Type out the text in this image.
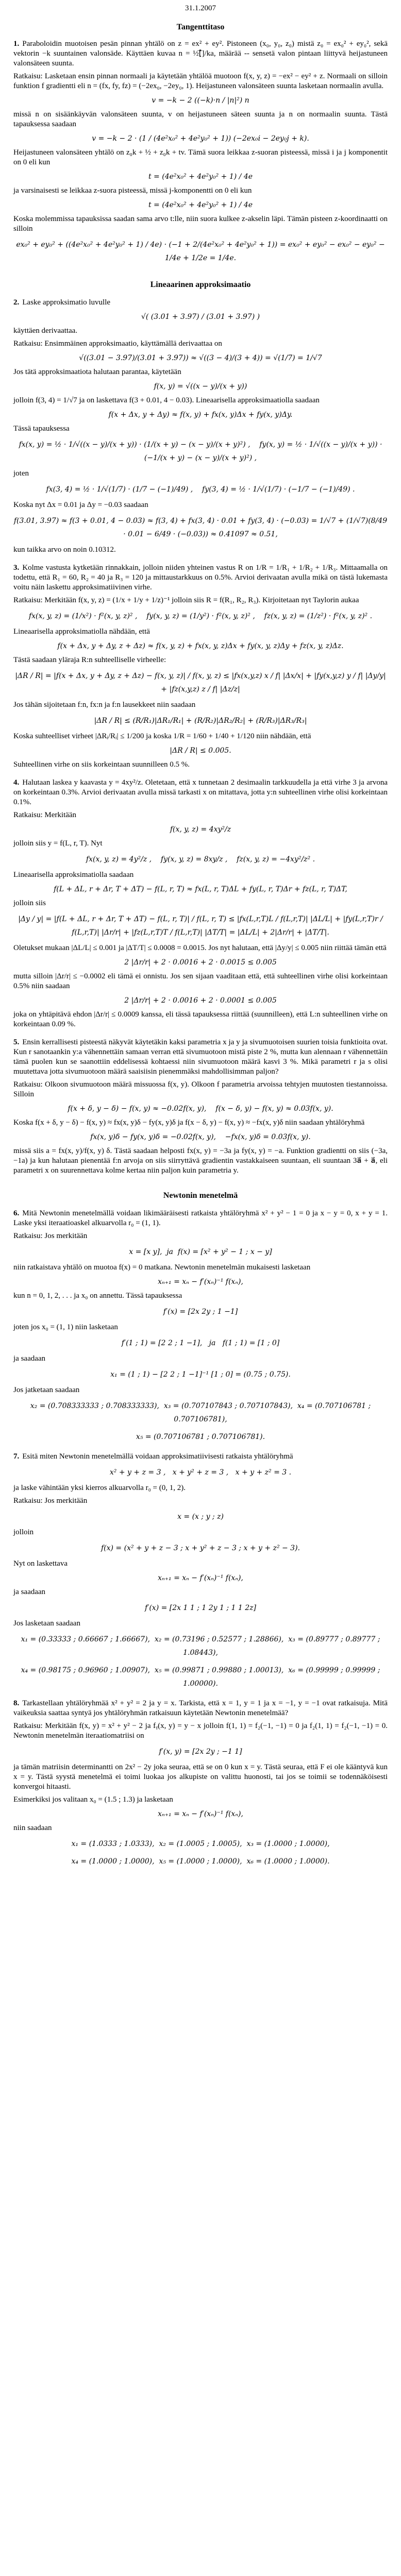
31.1.2007
Tangenttitaso

1. Paraboloidin muotoisen pesän pinnan yhtälö on z = ex² + ey². Pistoneen (x₀, y₀, z₀) mistä z₀ = ex₀² + ey₀², sekä vektorin −k suuntainen valonsäde. Käyttäen kuvaa n = ½[⃗]/ka, määrää ‑‑ sensetä valon pintaan liittyvä heijastuneen valonsäteen suunta.

Ratkaisu: Lasketaan ensin pinnan normaali ja käytetään yhtälöä muotoon f(x, y, z) = −ex² − ey² + z. Normaali on silloin funktion f gradientti eli n = (fx, fy, fz) = (−2ex₀, −2ey₀, 1). Heijastuneen valonsäteen suunta lasketaan normaalin avulla.

v = −k − 2 ((−k)·n / |n|²) n

missä n on sisäänkäyvän valonsäteen suunta, v on heijastuneen säteen suunta ja n on normaalin suunta. Tästä tapauksessa saadaan

v = −k − 2 · (1 / (4e²x₀² + 4e²y₀² + 1)) (−2ex₀i − 2ey₀j + k).

Heijastuneen valonsäteen yhtälö on z₀k + ½ + z₀k + tv. Tämä suora leikkaa z-suoran pisteessä, missä i ja j komponentit on 0 eli kun

t = (4e²x₀² + 4e²y₀² + 1) / 4e

ja varsinaisesti se leikkaa z-suora pisteessä, missä j-komponentti on 0 eli kun

t = (4e²x₀² + 4e²y₀² + 1) / 4e

Koska molemmissa tapauksissa saadan sama arvo t:lle, niin suora kulkee z-akselin läpi. Tämän pisteen z-koordinaatti on silloin

ex₀² + ey₀² + ((4e²x₀² + 4e²y₀² + 1) / 4e) · (−1 + 2/(4e²x₀² + 4e²y₀² + 1)) = ex₀² + ey₀² − ex₀² − ey₀² − 1/4e + 1/2e = 1/4e.
Lineaarinen approksimaatio

2. Laske approksimatio luvulle

√( (3.01 + 3.97) / (3.01 + 3.97) )

käyttäen derivaattaa.

Ratkaisu: Ensimmäinen approksimaatio, käyttämällä derivaattaa on

√((3.01 − 3.97)/(3.01 + 3.97)) ≈ √((3 − 4)/(3 + 4)) = √(1/7) = 1/√7

Jos tätä approksimaatiota halutaan parantaa, käytetään

f(x, y) = √((x − y)/(x + y))

jolloin f(3, 4) = 1/√7 ja on laskettava f(3 + 0.01, 4 − 0.03). Lineaarisella approksimaatiolla saadaan

f(x + Δx, y + Δy) ≈ f(x, y) + fx(x, y)Δx + fy(x, y)Δy.

Tässä tapauksessa

fx(x, y) = ½ · 1/√((x − y)/(x + y)) · (1/(x + y) − (x − y)/(x + y)²) ,    fy(x, y) = ½ · 1/√((x − y)/(x + y)) · (−1/(x + y) − (x − y)/(x + y)²) ,

joten

fx(3, 4) = ½ · 1/√(1/7) · (1/7 − (−1)/49) ,    fy(3, 4) = ½ · 1/√(1/7) · (−1/7 − (−1)/49) .

Koska nyt Δx = 0.01 ja Δy = −0.03 saadaan

f(3.01, 3.97) ≈ f(3 + 0.01, 4 − 0.03) ≈ f(3, 4) + fx(3, 4) · 0.01 + fy(3, 4) · (−0.03) = 1/√7 + (1/√7)(8/49 · 0.01 − 6/49 · (−0.03)) ≈ 0.41097 ≈ 0.51,

kun taikka arvo on noin 0.10312.

3. Kolme vastusta kytketään rinnakkain, jolloin niiden yhteinen vastus R on 1/R = 1/R₁ + 1/R₂ + 1/R₃. Mittaamalla on todettu, että R₁ = 60, R₂ = 40 ja R₃ = 120 ja mittaustarkkuus on 0.5%. Arvioi derivaatan avulla mikä on tästä lukemasta voitu näin laskettu approksimatiivinen virhe.

Ratkaisu: Merkitään f(x, y, z) = (1/x + 1/y + 1/z)⁻¹ jolloin siis R = f(R₁, R₂, R₃). Kirjoitetaan nyt Taylorin aukaa

fx(x, y, z) = (1/x²) · f²(x, y, z)² ,    fy(x, y, z) = (1/y²) · f²(x, y, z)² ,    fz(x, y, z) = (1/z²) · f²(x, y, z)² .

Lineaarisella approksimatiolla nähdään, että

f(x + Δx, y + Δy, z + Δz) ≈ f(x, y, z) + fx(x, y, z)Δx + fy(x, y, z)Δy + fz(x, y, z)Δz.

Tästä saadaan yläraja R:n suhteelliselle virheelle:

|ΔR / R| = |f(x + Δx, y + Δy, z + Δz) − f(x, y, z)| / f(x, y, z) ≤ |fx(x,y,z) x / f| |Δx/x| + |fy(x,y,z) y / f| |Δy/y| + |fz(x,y,z) z / f| |Δz/z|

Jos tähän sijoitetaan f:n, fx:n ja f:n lausekkeet niin saadaan

|ΔR / R| ≤ (R/R₁)|ΔR₁/R₁| + (R/R₂)|ΔR₂/R₂| + (R/R₃)|ΔR₃/R₃|

Koska suhteelliset virheet |ΔRᵢ/Rᵢ| ≤ 1/200 ja koska 1/R = 1/60 + 1/40 + 1/120 niin nähdään, että

|ΔR / R| ≤ 0.005.

Suhteellinen virhe on siis korkeintaan suunnilleen 0.5 %.

4. Halutaan laskea y kaavasta y = 4xy²/z. Oletetaan, että x tunnetaan 2 desimaalin tarkkuudella ja että virhe 3 ja arvona on korkeintaan 0.3%. Arvioi derivaatan avulla missä tarkasti x on mitattava, jotta y:n suhteellinen virhe olisi korkeintaan 0.1%.

Ratkaisu: Merkitään

f(x, y, z) = 4xy²/z

jolloin siis y = f(L, r, T). Nyt

fx(x, y, z) = 4y²/z ,    fy(x, y, z) = 8xy/z ,    fz(x, y, z) = −4xy²/z² .

Lineaarisella approksimatiolla saadaan

f(L + ΔL, r + Δr, T + ΔT) − f(L, r, T) ≈ fx(L, r, T)ΔL + fy(L, r, T)Δr + fz(L, r, T)ΔT,

jolloin siis

|Δy / y| = |f(L + ΔL, r + Δr, T + ΔT) − f(L, r, T)| / f(L, r, T) ≤ |fx(L,r,T)L / f(L,r,T)| |ΔL/L| + |fy(L,r,T)r / f(L,r,T)| |Δr/r| + |fz(L,r,T)T / f(L,r,T)| |ΔT/T| = |ΔL/L| + 2|Δr/r| + |ΔT/T|.

Oletukset mukaan |ΔL/L| ≤ 0.001 ja |ΔT/T| ≤ 0.0008 = 0.0015. Jos nyt halutaan, että |Δy/y| ≤ 0.005 niin riittää tämän että

2 |Δr/r| + 2 · 0.0016 + 2 · 0.0015 ≤ 0.005

mutta silloin |Δr/r| ≤ −0.0002 eli tämä ei onnistu. Jos sen sijaan vaaditaan että, että suhteellinen virhe olisi korkeintaan 0.5% niin saadaan

2 |Δr/r| + 2 · 0.0016 + 2 · 0.0001 ≤ 0.005

joka on yhtäpitävä ehdon |Δr/r| ≤ 0.0009 kanssa, eli tässä tapauksessa riittää (suunnilleen), että L:n suhteellinen virhe on korkeintaan 0.09 %.

5. Ensin kerrallisesti pisteestä näkyvät käytetäkin kaksi parametria x ja y ja sivumuotoisen suurien toisia funktioita ovat. Kun r sanotaankin y:a vähennettäin samaan verran että sivumuotoon mistä piste 2 %, mutta kun alennaan r vähennettäin tämä puolen kun se saanottiin eddelisessä kohtaessi niin sivumuotoon määrä kasvi 3 %. Mikä parametri r ja s olisi muutettava jotta sivumuotoon määrä saaisiisin pienemmäksi mahdollisimman paljon?

Ratkaisu: Olkoon sivumuotoon määrä missuossa f(x, y). Olkoon f parametria arvoissa tehtyjen muutosten tiestannoissa. Silloin

f(x + δ, y − δ) − f(x, y) ≈ −0.02f(x, y),    f(x − δ, y) − f(x, y) ≈ 0.03f(x, y).

Koska f(x + δ, y − δ) − f(x, y) ≈ fx(x, y)δ − fy(x, y)δ ja f(x − δ, y) − f(x, y) ≈ −fx(x, y)δ niin saadaan yhtälöryhmä

fx(x, y)δ − fy(x, y)δ = −0.02f(x, y),    −fx(x, y)δ = 0.03f(x, y).

missä siis a = fx(x, y)/f(x, y) δ. Tästä saadaan helposti fx(x, y) = −3a ja fy(x, y) = −a. Funktion gradientti on siis (−3a, −1a) ja kun halutaan pienentää f:n arvoja on siis siirryttävä gradientin vastakkaiseen suuntaan, eli suuntaan 3a⃗ + a⃗, eli parametri x on suurennettava kolme kertaa niin paljon kuin parametria y.

Newtonin menetelmä

6. Mitä Newtonin menetelmällä voidaan likimääräisesti ratkaista yhtälöryhmä x² + y² − 1 = 0 ja x − y = 0, x + y = 1. Laske yksi iteraatioaskel alkuarvolla r₀ = (1, 1).

Ratkaisu: Jos merkitään

x = [x y],  ja  f(x) = [x² + y² − 1 ; x − y]

niin ratkaistava yhtälö on muotoa f(x) = 0 matkana. Newtonin menetelmän mukaisesti lasketaan

xₙ₊₁ = xₙ − f′(xₙ)⁻¹ f(xₙ),

kun n = 0, 1, 2, . . . ja x₀ on annettu. Tässä tapauksessa

f′(x) = [2x 2y ; 1 −1]

joten jos x₀ = (1, 1) niin lasketaan

f′(1 ; 1) = [2 2 ; 1 −1],   ja   f(1 ; 1) = [1 ; 0]

ja saadaan

x₁ = (1 ; 1) − [2 2 ; 1 −1]⁻¹ [1 ; 0] = (0.75 ; 0.75).

Jos jatketaan saadaan

x₂ = (0.708333333 ; 0.708333333),  x₃ = (0.707107843 ; 0.707107843),  x₄ = (0.707106781 ; 0.707106781),
x₅ = (0.707106781 ; 0.707106781).

7. Esitä miten Newtonin menetelmällä voidaan approksimatiivisesti ratkaista yhtälöryhmä

x² + y + z = 3 ,   x + y² + z = 3 ,   x + y + z² = 3 .

ja laske vähintään yksi kierros alkuarvolla r₀ = (0, 1, 2).

Ratkaisu: Jos merkitään

x = (x ; y ; z)

jolloin

f(x) = (x² + y + z − 3 ; x + y² + z − 3 ; x + y + z² − 3).

Nyt on laskettava

xₙ₊₁ = xₙ − f′(xₙ)⁻¹ f(xₙ),

ja saadaan

f′(x) = [2x 1 1 ; 1 2y 1 ; 1 1 2z]

Jos lasketaan saadaan

x₁ = (0.33333 ; 0.66667 ; 1.66667),  x₂ = (0.73196 ; 0.52577 ; 1.28866),  x₃ = (0.89777 ; 0.89777 ; 1.08443),
x₄ = (0.98175 ; 0.96960 ; 1.00907),  x₅ = (0.99871 ; 0.99880 ; 1.00013),  x₆ = (0.99999 ; 0.99999 ; 1.00000).

8. Tarkastellaan yhtälöryhmää x² + y² = 2 ja y = x. Tarkista, että x = 1, y = 1 ja x = −1, y = −1 ovat ratkaisuja. Mitä vaikeuksia saattaa syntyä jos yhtälöryhmän ratkaisuun käytetään Newtonin menetelmää?

Ratkaisu: Merkitään f(x, y) = x² + y² − 2 ja fᵧ(x, y) = y − x jolloin f(1, 1) = f₂(−1, −1) = 0 ja f₂(1, 1) = f₂(−1, −1) = 0. Newtonin menetelmän iteraatiomatriisi on

f′(x, y) = [2x 2y ; −1 1]

ja tämän matriisin determinantti on 2x² − 2y joka seuraa, että se on 0 kun x = y. Tästä seuraa, että F ei ole kääntyvä kun x = y. Tästä syystä menetelmä ei toimi luokaa jos alkupiste on valittu huonosti, tai jos se toimii se todennäköisesti konvergoi hitaasti.

Esimerkiksi jos valitaan x₀ = (1.5 ; 1.3) ja lasketaan

xₙ₊₁ = xₙ − f′(xₙ)⁻¹ f(xₙ),

niin saadaan

x₁ = (1.0333 ; 1.0333),  x₂ = (1.0005 ; 1.0005),  x₃ = (1.0000 ; 1.0000),
x₄ = (1.0000 ; 1.0000),  x₅ = (1.0000 ; 1.0000),  x₆ = (1.0000 ; 1.0000).
